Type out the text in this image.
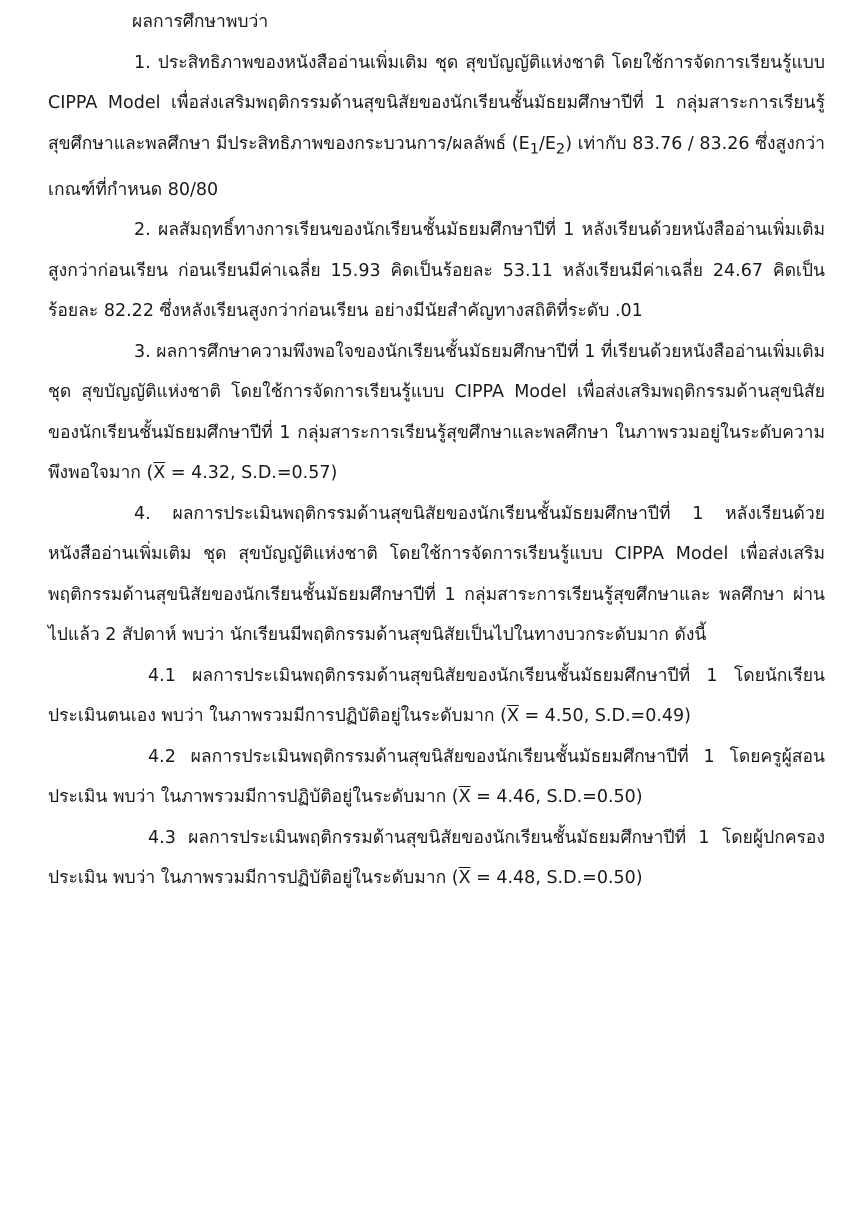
ผลการศึกษาพบว่า

1. ประสิทธิภาพของหนังสืออ่านเพิ่มเติม ชุด สุขบัญญัติแห่งชาติ โดยใช้การจัดการเรียนรู้แบบ CIPPA Model เพื่อส่งเสริมพฤติกรรมด้านสุขนิสัยของนักเรียนชั้นมัธยมศึกษาปีที่ 1 กลุ่มสาระการเรียนรู้สุขศึกษาและพลศึกษา มีประสิทธิภาพของกระบวนการ/ผลลัพธ์ $(E_1/E_2)$ เท่ากับ 83.76 / 83.26 ซึ่งสูงกว่าเกณฑ์ที่กำหนด 80/80

2. ผลสัมฤทธิ์ทางการเรียนของนักเรียนชั้นมัธยมศึกษาปีที่ 1 หลังเรียนด้วยหนังสืออ่านเพิ่มเติม สูงกว่าก่อนเรียน ก่อนเรียนมีค่าเฉลี่ย 15.93 คิดเป็นร้อยละ 53.11 หลังเรียนมีค่าเฉลี่ย 24.67 คิดเป็นร้อยละ 82.22 ซึ่งหลังเรียนสูงกว่าก่อนเรียน อย่างมีนัยสำคัญทางสถิติที่ระดับ .01

3. ผลการศึกษาความพึงพอใจของนักเรียนชั้นมัธยมศึกษาปีที่ 1 ที่เรียนด้วยหนังสืออ่านเพิ่มเติม ชุด สุขบัญญัติแห่งชาติ โดยใช้การจัดการเรียนรู้แบบ CIPPA Model เพื่อส่งเสริมพฤติกรรมด้านสุขนิสัยของนักเรียนชั้นมัธยมศึกษาปีที่ 1 กลุ่มสาระการเรียนรู้สุขศึกษาและพลศึกษา ในภาพรวมอยู่ในระดับความพึงพอใจมาก ($\overline{X} = 4.32$, S.D.=0.57)

4. ผลการประเมินพฤติกรรมด้านสุขนิสัยของนักเรียนชั้นมัธยมศึกษาปีที่ 1 หลังเรียนด้วยหนังสืออ่านเพิ่มเติม ชุด สุขบัญญัติแห่งชาติ โดยใช้การจัดการเรียนรู้แบบ CIPPA Model เพื่อส่งเสริมพฤติกรรมด้านสุขนิสัยของนักเรียนชั้นมัธยมศึกษาปีที่ 1 กลุ่มสาระการเรียนรู้สุขศึกษาและ พลศึกษา ผ่านไปแล้ว 2 สัปดาห์ พบว่า นักเรียนมีพฤติกรรมด้านสุขนิสัยเป็นไปในทางบวกระดับมาก ดังนี้

4.1 ผลการประเมินพฤติกรรมด้านสุขนิสัยของนักเรียนชั้นมัธยมศึกษาปีที่ 1 โดยนักเรียนประเมินตนเอง พบว่า ในภาพรวมมีการปฏิบัติอยู่ในระดับมาก ($\overline{X} = 4.50$, S.D.=0.49)

4.2 ผลการประเมินพฤติกรรมด้านสุขนิสัยของนักเรียนชั้นมัธยมศึกษาปีที่ 1 โดยครูผู้สอนประเมิน พบว่า ในภาพรวมมีการปฏิบัติอยู่ในระดับมาก ($\overline{X} = 4.46$, S.D.=0.50)

4.3 ผลการประเมินพฤติกรรมด้านสุขนิสัยของนักเรียนชั้นมัธยมศึกษาปีที่ 1 โดยผู้ปกครองประเมิน พบว่า ในภาพรวมมีการปฏิบัติอยู่ในระดับมาก ($\overline{X} = 4.48$, S.D.=0.50)
